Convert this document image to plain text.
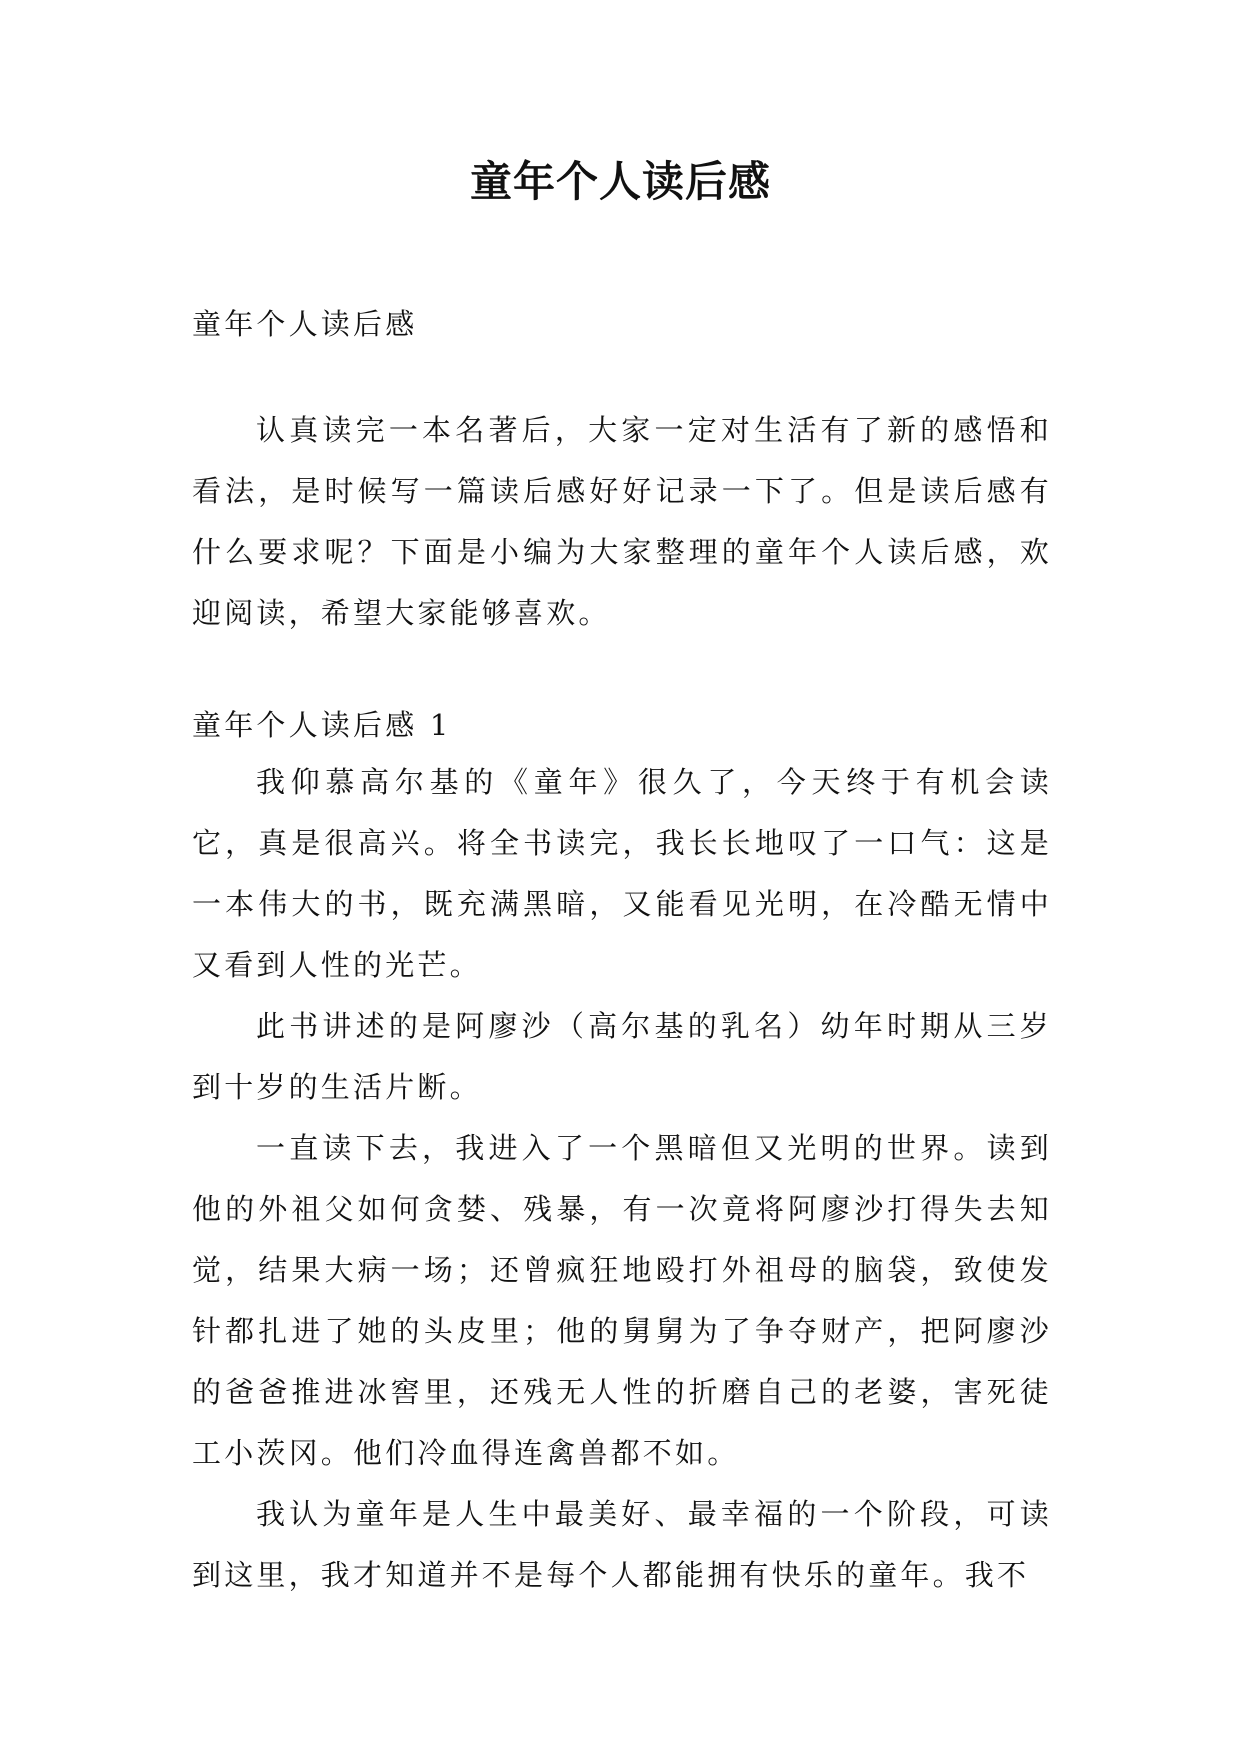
童年个人读后感

童年个人读后感

认真读完一本名著后，大家一定对生活有了新的感悟和看法，是时候写一篇读后感好好记录一下了。但是读后感有什么要求呢？下面是小编为大家整理的童年个人读后感，欢迎阅读，希望大家能够喜欢。

童年个人读后感 1

我仰慕高尔基的《童年》很久了，今天终于有机会读它，真是很高兴。将全书读完，我长长地叹了一口气：这是一本伟大的书，既充满黑暗，又能看见光明，在冷酷无情中又看到人性的光芒。

此书讲述的是阿廖沙（高尔基的乳名）幼年时期从三岁到十岁的生活片断。

一直读下去，我进入了一个黑暗但又光明的世界。读到他的外祖父如何贪婪、残暴，有一次竟将阿廖沙打得失去知觉，结果大病一场；还曾疯狂地殴打外祖母的脑袋，致使发针都扎进了她的头皮里；他的舅舅为了争夺财产，把阿廖沙的爸爸推进冰窖里，还残无人性的折磨自己的老婆，害死徒工小茨冈。他们冷血得连禽兽都不如。

我认为童年是人生中最美好、最幸福的一个阶段，可读到这里，我才知道并不是每个人都能拥有快乐的童年。我不
